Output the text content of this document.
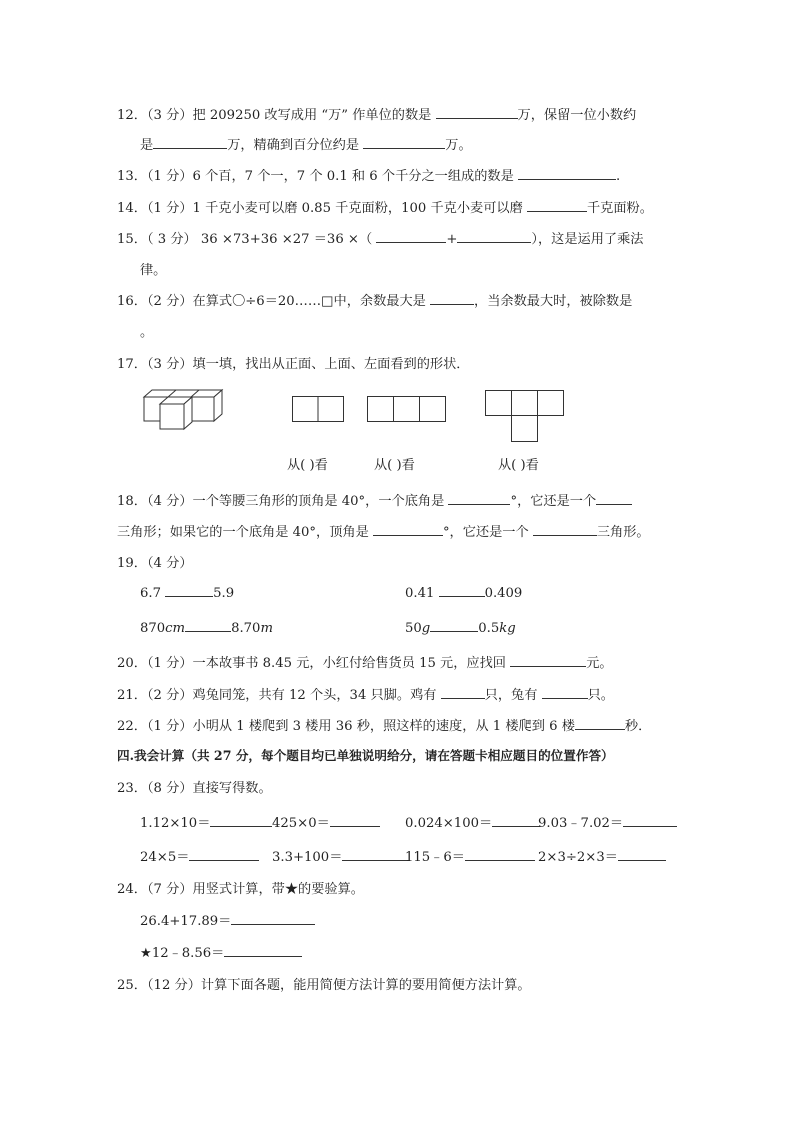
12．（3 分）把 209250 改写成用 “万” 作单位的数是	万，保留一位小数约
是	万，精确到百分位约是	万。
13．（1 分）6 个百，7 个一，7 个 0.1 和 6 个千分之一组成的数是	.
14．（1 分）1 千克小麦可以磨 0.85 千克面粉，100 千克小麦可以磨	千克面粉。
15．（ 3 分） 36 ×73+36 ×27 ＝36 ×（	+	），这是运用了乘法
律。
16．（2 分）在算式〇÷6＝20……□中，余数最大是	，当余数最大时，被除数是
。
17．（3 分）填一填，找出从正面、上面、左面看到的形状．
从( )看	从( )看	从( )看
18．（4 分）一个等腰三角形的顶角是 40°，一个底角是	°，它还是一个
三角形；如果它的一个底角是 40°，顶角是	°，它还是一个	三角形。
19．（4 分）
6.7	5.9	0.41	0.409
870cm	8.70m	50g	0.5kg
20．（1 分）一本故事书 8.45 元，小红付给售货员 15 元，应找回	元。
21．（2 分）鸡兔同笼，共有 12 个头，34 只脚。鸡有	只，兔有	只。
22．（1 分）小明从 1 楼爬到 3 楼用 36 秒，照这样的速度，从 1 楼爬到 6 楼	秒．
四.我会计算（共 27 分，每个题目均已单独说明给分，请在答题卡相应题目的位置作答）
23．（8 分）直接写得数。
1.12×10＝	425×0＝	0.024×100＝	9.03﹣7.02＝
24×5＝	3.3+100＝	115﹣6＝	2×3÷2×3＝
24．（7 分）用竖式计算，带★的要验算。
26.4+17.89＝
★12﹣8.56＝
25．（12 分）计算下面各题，能用简便方法计算的要用简便方法计算。
